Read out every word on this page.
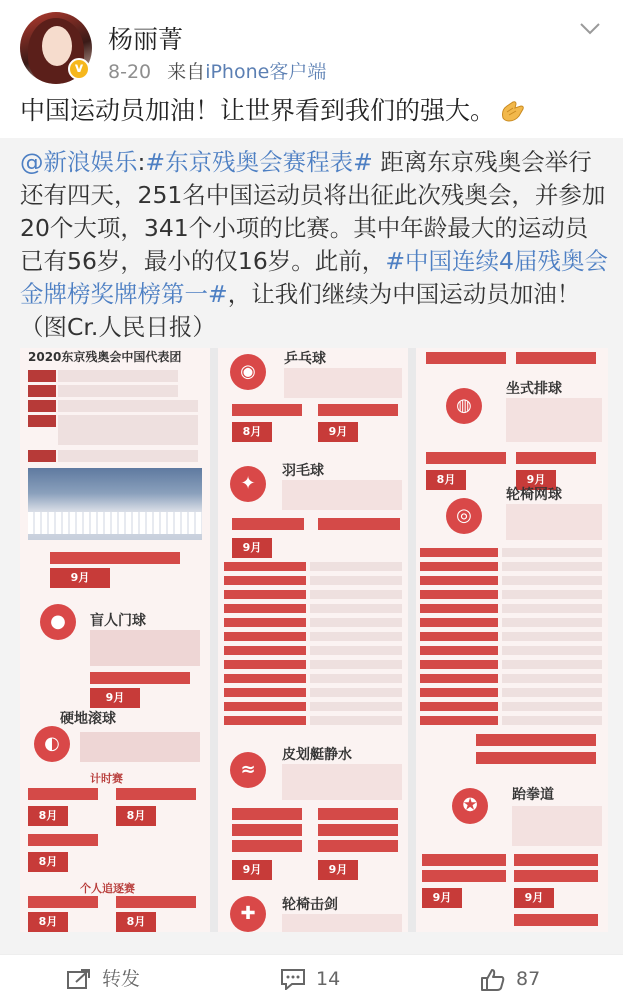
v
杨丽菁
8-20 来自iPhone客户端
中国运动员加油！让世界看到我们的强大。
@新浪娱乐:#东京残奥会赛程表# 距离东京残奥会举行还有四天，251名中国运动员将出征此次残奥会，并参加20个大项，341个小项的比赛。其中年龄最大的运动员已有56岁，最小的仅16岁。此前，#中国连续4届残奥会金牌榜奖牌榜第一#，让我们继续为中国运动员加油！（图Cr.人民日报）
2020东京残奥会中国代表团
9月
●	盲人门球
9月
硬地滚球
◐
计时赛
8月	8月
8月
个人追逐赛
8月	8月
◉
乒乓球
8月	9月
羽毛球
✦
9月
≈
皮划艇静水
9月	9月
轮椅击剑
✚
坐式排球
◍
8月	9月
轮椅网球
◎
跆拳道
✪
9月	9月
转发	14	87
